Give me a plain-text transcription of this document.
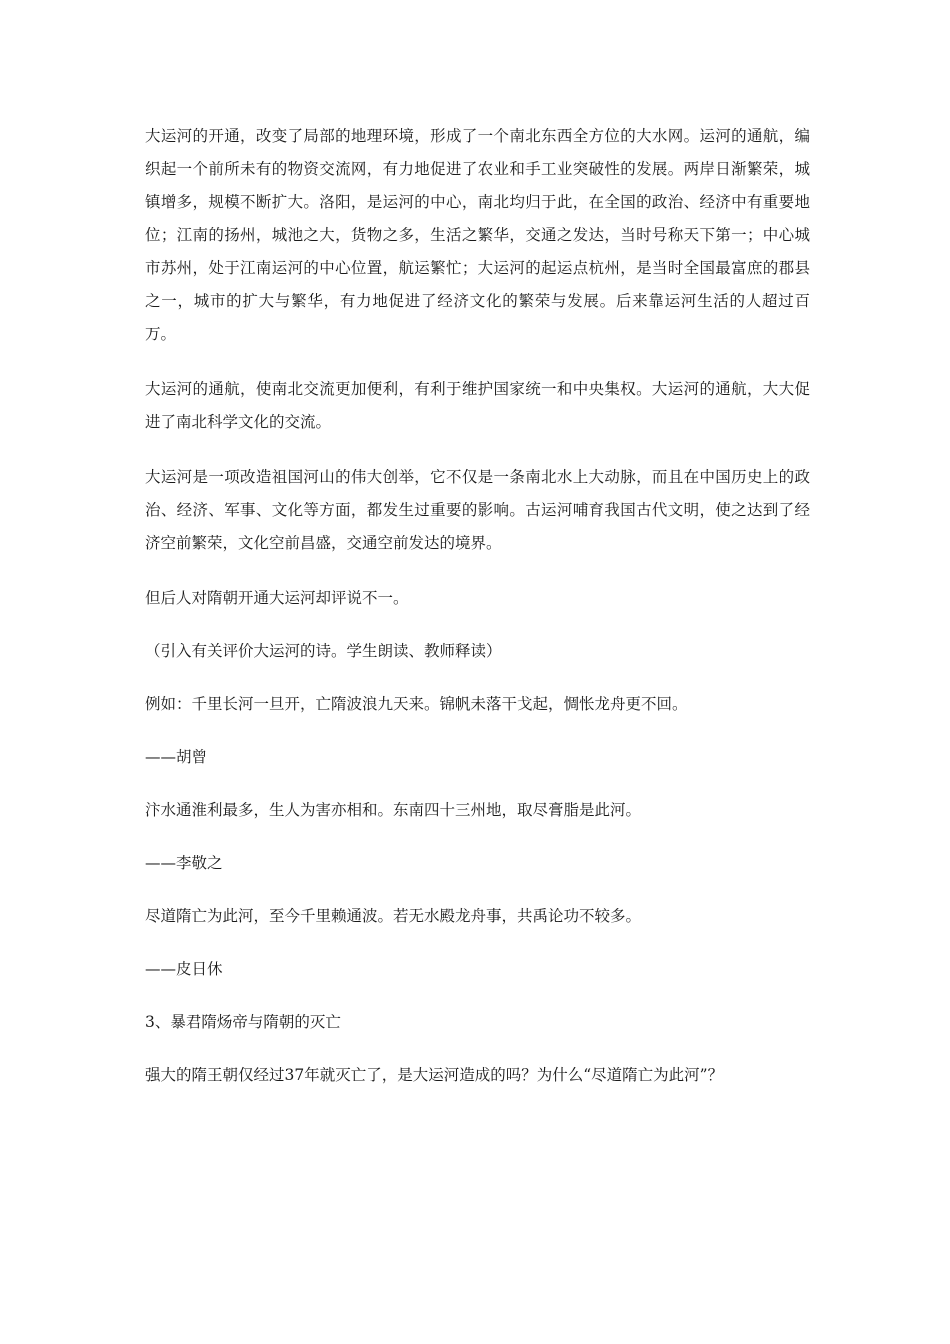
大运河的开通，改变了局部的地理环境，形成了一个南北东西全方位的大水网。运河的通航，编织起一个前所未有的物资交流网，有力地促进了农业和手工业突破性的发展。两岸日渐繁荣，城镇增多，规模不断扩大。洛阳，是运河的中心，南北均归于此，在全国的政治、经济中有重要地位；江南的扬州，城池之大，货物之多，生活之繁华，交通之发达，当时号称天下第一；中心城市苏州，处于江南运河的中心位置，航运繁忙；大运河的起运点杭州，是当时全国最富庶的郡县之一，城市的扩大与繁华，有力地促进了经济文化的繁荣与发展。后来靠运河生活的人超过百万。

大运河的通航，使南北交流更加便利，有利于维护国家统一和中央集权。大运河的通航，大大促进了南北科学文化的交流。

大运河是一项改造祖国河山的伟大创举，它不仅是一条南北水上大动脉，而且在中国历史上的政治、经济、军事、文化等方面，都发生过重要的影响。古运河哺育我国古代文明，使之达到了经济空前繁荣，文化空前昌盛，交通空前发达的境界。

但后人对隋朝开通大运河却评说不一。

（引入有关评价大运河的诗。学生朗读、教师释读）

例如：千里长河一旦开，亡隋波浪九天来。锦帆未落干戈起，惆怅龙舟更不回。

——胡曾

汴水通淮利最多，生人为害亦相和。东南四十三州地，取尽膏脂是此河。

——李敬之

尽道隋亡为此河，至今千里赖通波。若无水殿龙舟事，共禹论功不较多。

——皮日休

3、暴君隋炀帝与隋朝的灭亡

强大的隋王朝仅经过37年就灭亡了，是大运河造成的吗？为什么“尽道隋亡为此河”？
